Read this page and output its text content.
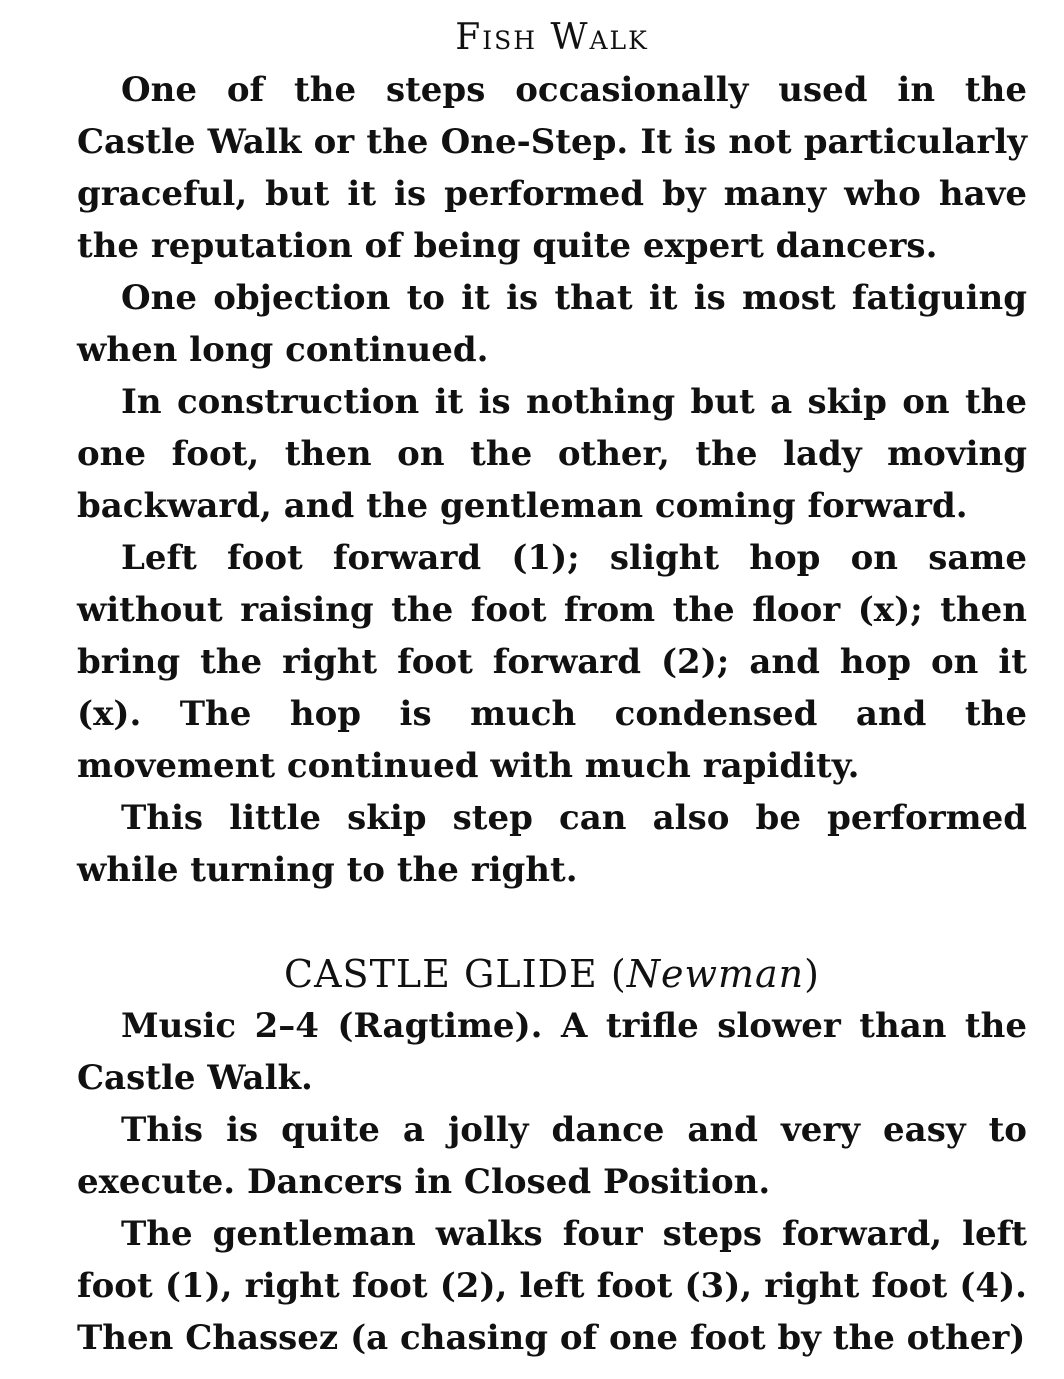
Fish Walk

One of the steps occasionally used in the Castle Walk or the One-Step. It is not particularly graceful, but it is performed by many who have the reputation of being quite expert dancers.

One objection to it is that it is most fatiguing when long continued.

In construction it is nothing but a skip on the one foot, then on the other, the lady moving backward, and the gentleman coming forward.

Left foot forward (1); slight hop on same without raising the foot from the floor (x); then bring the right foot forward (2); and hop on it (x). The hop is much condensed and the movement continued with much rapidity.

This little skip step can also be performed while turning to the right.

CASTLE GLIDE (Newman)

Music 2–4 (Ragtime). A trifle slower than the Castle Walk.

This is quite a jolly dance and very easy to execute. Dancers in Closed Position.

The gentleman walks four steps forward, left foot (1), right foot (2), left foot (3), right foot (4). Then Chassez (a chasing of one foot by the other)
